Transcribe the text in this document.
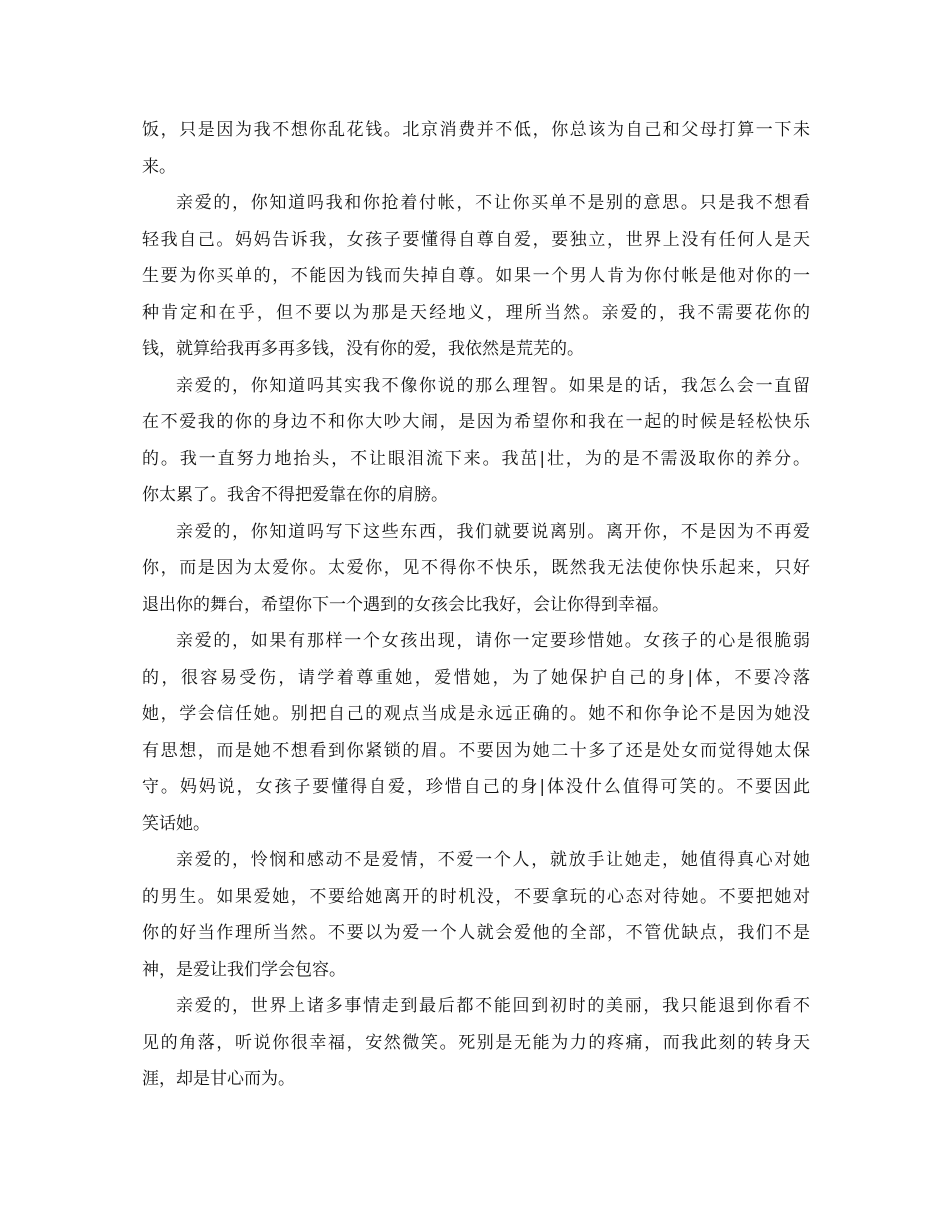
饭，只是因为我不想你乱花钱。北京消费并不低，你总该为自己和父母打算一下未
来。

亲爱的，你知道吗我和你抢着付帐，不让你买单不是别的意思。只是我不想看
轻我自己。妈妈告诉我，女孩子要懂得自尊自爱，要独立，世界上没有任何人是天
生要为你买单的，不能因为钱而失掉自尊。如果一个男人肯为你付帐是他对你的一
种肯定和在乎，但不要以为那是天经地义，理所当然。亲爱的，我不需要花你的
钱，就算给我再多再多钱，没有你的爱，我依然是荒芜的。

亲爱的，你知道吗其实我不像你说的那么理智。如果是的话，我怎么会一直留
在不爱我的你的身边不和你大吵大闹，是因为希望你和我在一起的时候是轻松快乐
的。我一直努力地抬头，不让眼泪流下来。我茁|壮，为的是不需汲取你的养分。
你太累了。我舍不得把爱靠在你的肩膀。

亲爱的，你知道吗写下这些东西，我们就要说离别。离开你，不是因为不再爱
你，而是因为太爱你。太爱你，见不得你不快乐，既然我无法使你快乐起来，只好
退出你的舞台，希望你下一个遇到的女孩会比我好，会让你得到幸福。

亲爱的，如果有那样一个女孩出现，请你一定要珍惜她。女孩子的心是很脆弱
的，很容易受伤，请学着尊重她，爱惜她，为了她保护自己的身|体，不要冷落
她，学会信任她。别把自己的观点当成是永远正确的。她不和你争论不是因为她没
有思想，而是她不想看到你紧锁的眉。不要因为她二十多了还是处女而觉得她太保
守。妈妈说，女孩子要懂得自爱，珍惜自己的身|体没什么值得可笑的。不要因此
笑话她。

亲爱的，怜悯和感动不是爱情，不爱一个人，就放手让她走，她值得真心对她
的男生。如果爱她，不要给她离开的时机没，不要拿玩的心态对待她。不要把她对
你的好当作理所当然。不要以为爱一个人就会爱他的全部，不管优缺点，我们不是
神，是爱让我们学会包容。

亲爱的，世界上诸多事情走到最后都不能回到初时的美丽，我只能退到你看不
见的角落，听说你很幸福，安然微笑。死别是无能为力的疼痛，而我此刻的转身天
涯，却是甘心而为。
